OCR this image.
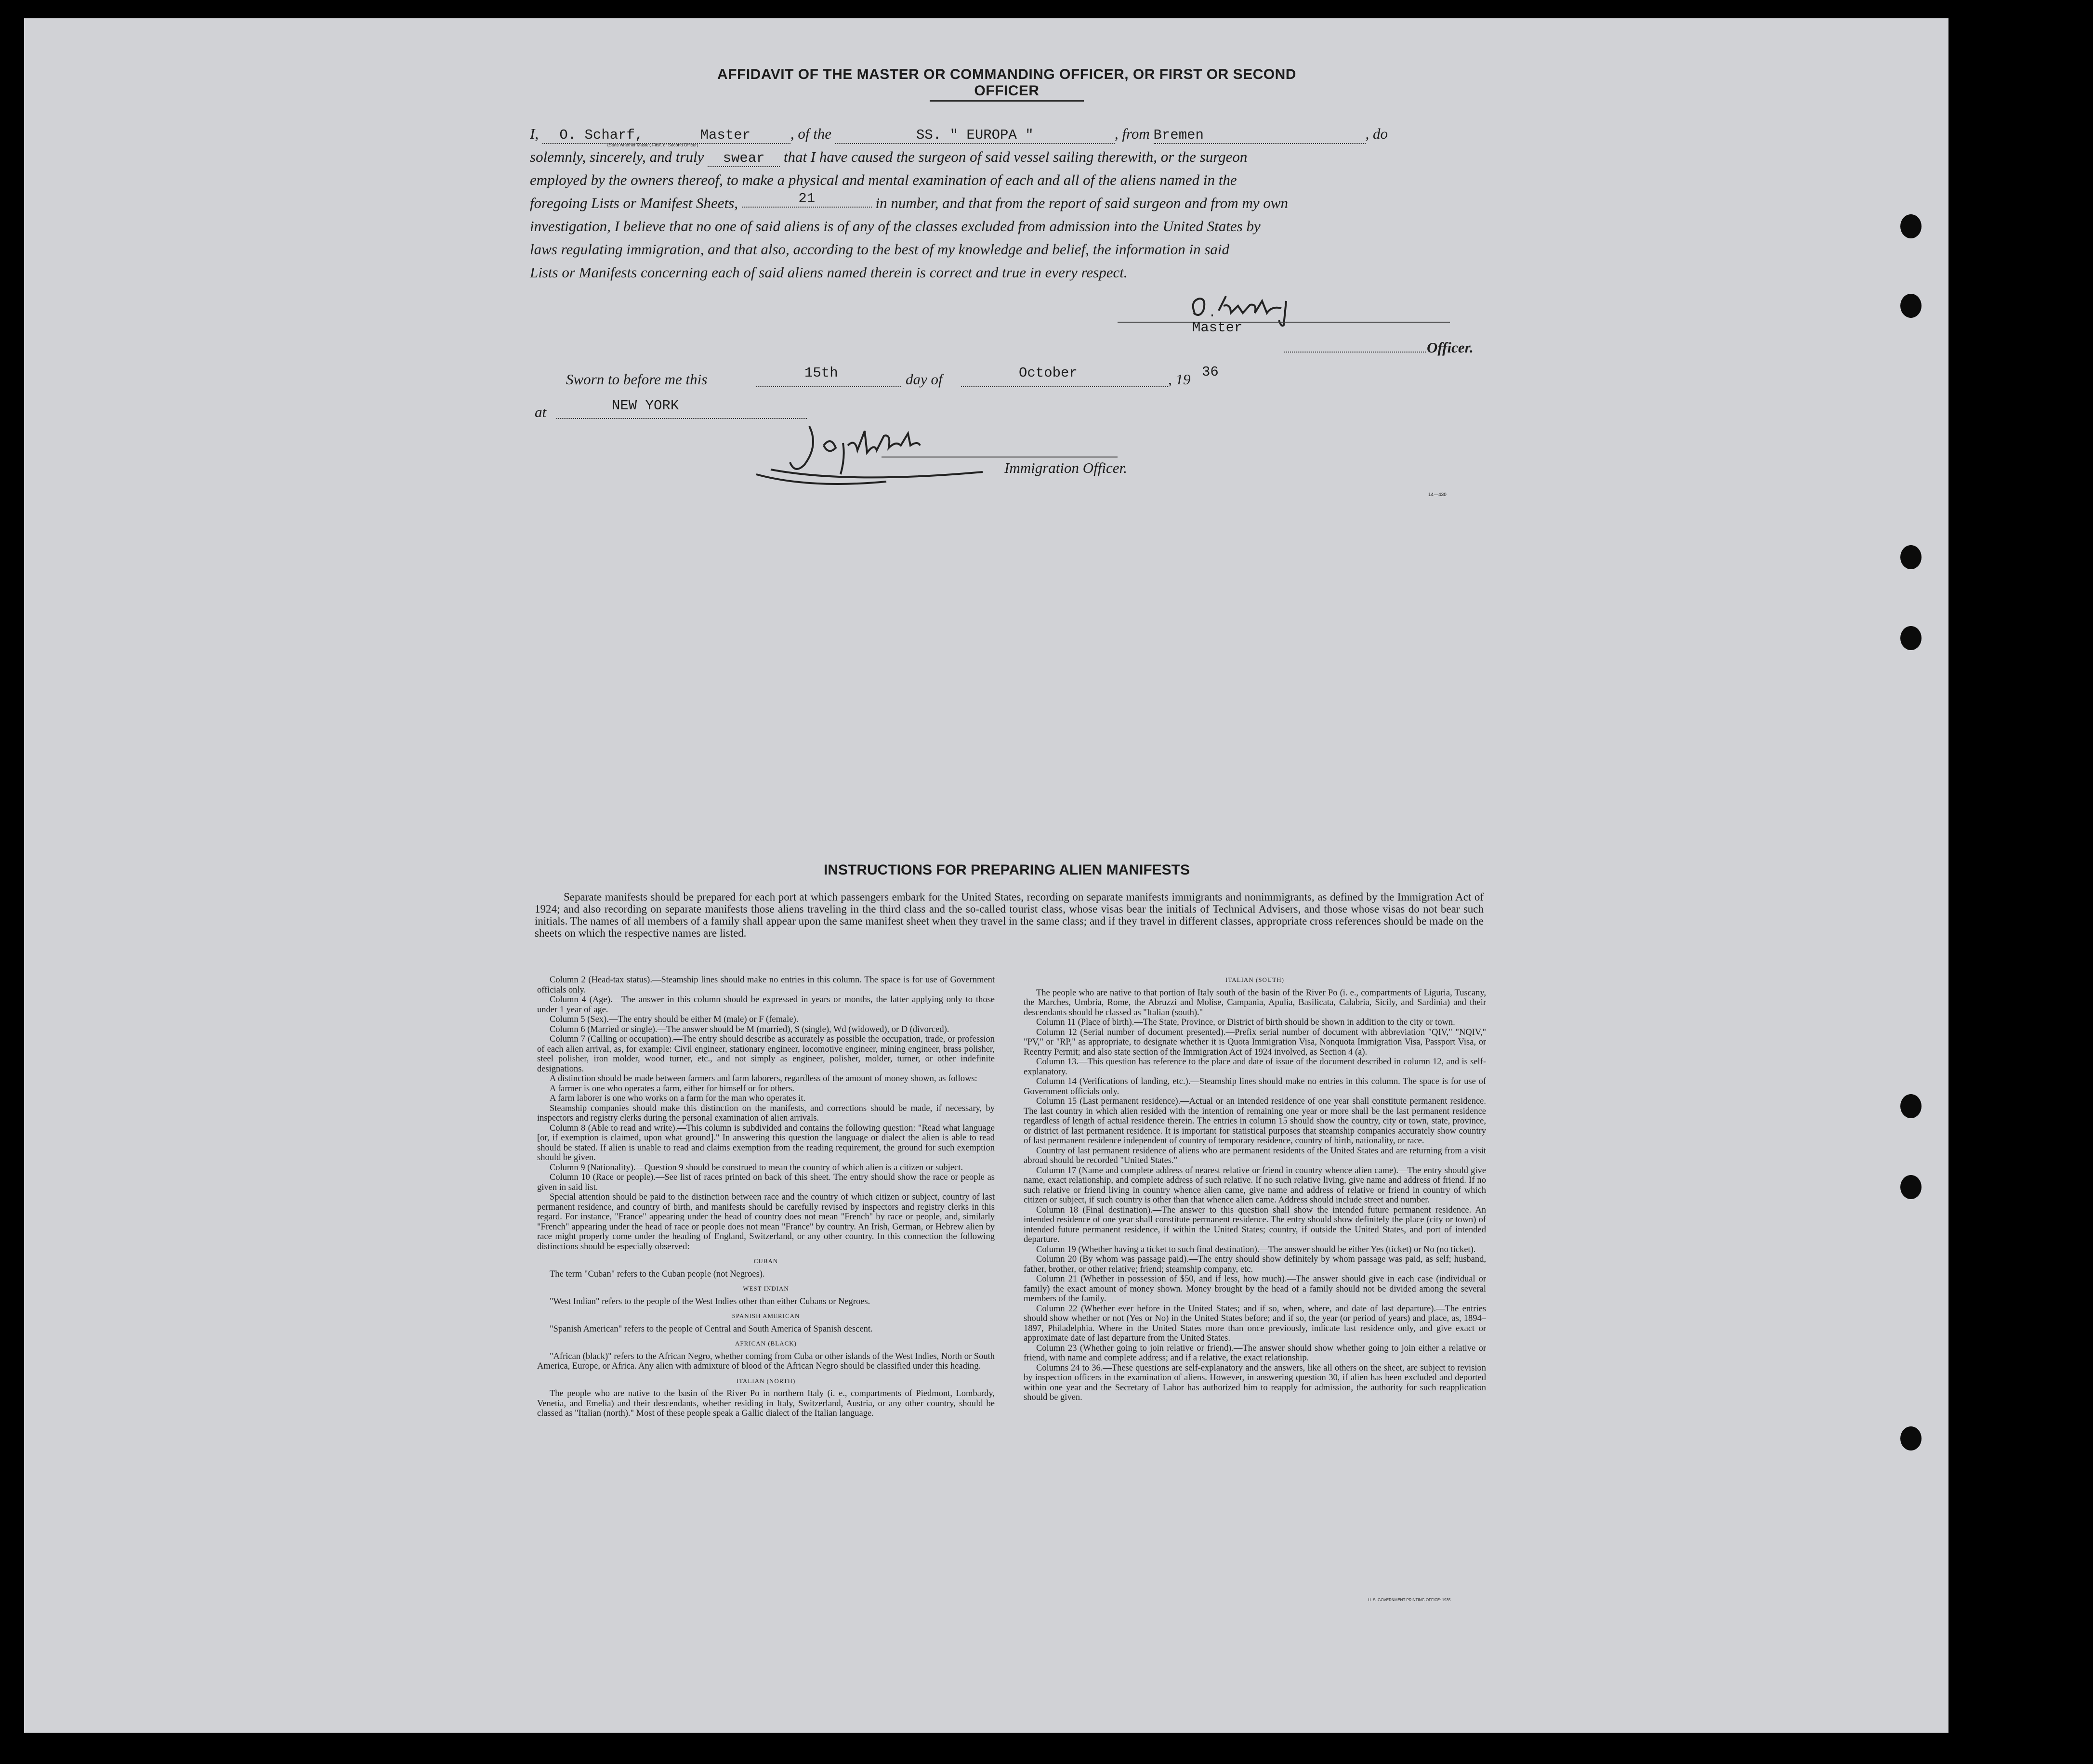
AFFIDAVIT OF THE MASTER OR COMMANDING OFFICER, OR FIRST OR SECOND OFFICER
I, O. Scharf,	Master	, of the	SS. " EUROPA "	, from Bremen	, do
(State whether Master, First, or Second Officer)
solemnly, sincerely, and truly swear that I have caused the surgeon of said vessel sailing therewith, or the surgeon
employed by the owners thereof, to make a physical and mental examination of each and all of the aliens named in the
foregoing Lists or Manifest Sheets,	21	in number, and that from the report of said surgeon and from my own
investigation, I believe that no one of said aliens is of any of the classes excluded from admission into the United States by
laws regulating immigration, and that also, according to the best of my knowledge and belief, the information in said
Lists or Manifests concerning each of said aliens named therein is correct and true in every respect.
Master
Officer.
Sworn to before me this	15th	day of	October	, 19 36
at	NEW YORK
Immigration Officer.
14—430
INSTRUCTIONS FOR PREPARING ALIEN MANIFESTS
Separate manifests should be prepared for each port at which passengers embark for the United States, recording on separate manifests immigrants and nonimmigrants, as defined by the Immigration Act of 1924; and also recording on separate manifests those aliens traveling in the third class and the so-called tourist class, whose visas bear the initials of Technical Advisers, and those whose visas do not bear such initials. The names of all members of a family shall appear upon the same manifest sheet when they travel in the same class; and if they travel in different classes, appropriate cross references should be made on the sheets on which the respective names are listed.

Column 2 (Head-tax status).—Steamship lines should make no entries in this column. The space is for use of Government officials only.

Column 4 (Age).—The answer in this column should be expressed in years or months, the latter applying only to those under 1 year of age.

Column 5 (Sex).—The entry should be either M (male) or F (female).

Column 6 (Married or single).—The answer should be M (married), S (single), Wd (widowed), or D (divorced).

Column 7 (Calling or occupation).—The entry should describe as accurately as possible the occupation, trade, or profession of each alien arrival, as, for example: Civil engineer, stationary engineer, locomotive engineer, mining engineer, brass polisher, steel polisher, iron molder, wood turner, etc., and not simply as engineer, polisher, molder, turner, or other indefinite designations.

A distinction should be made between farmers and farm laborers, regardless of the amount of money shown, as follows:

A farmer is one who operates a farm, either for himself or for others.

A farm laborer is one who works on a farm for the man who operates it.

Steamship companies should make this distinction on the manifests, and corrections should be made, if necessary, by inspectors and registry clerks during the personal examination of alien arrivals.

Column 8 (Able to read and write).—This column is subdivided and contains the following question: "Read what language [or, if exemption is claimed, upon what ground]." In answering this question the language or dialect the alien is able to read should be stated. If alien is unable to read and claims exemption from the reading requirement, the ground for such exemption should be given.

Column 9 (Nationality).—Question 9 should be construed to mean the country of which alien is a citizen or subject.

Column 10 (Race or people).—See list of races printed on back of this sheet. The entry should show the race or people as given in said list.

Special attention should be paid to the distinction between race and the country of which citizen or subject, country of last permanent residence, and country of birth, and manifests should be carefully revised by inspectors and registry clerks in this regard. For instance, "France" appearing under the head of country does not mean "French" by race or people, and, similarly "French" appearing under the head of race or people does not mean "France" by country. An Irish, German, or Hebrew alien by race might properly come under the heading of England, Switzerland, or any other country. In this connection the following distinctions should be especially observed:

CUBAN

The term "Cuban" refers to the Cuban people (not Negroes).

WEST INDIAN

"West Indian" refers to the people of the West Indies other than either Cubans or Negroes.

SPANISH AMERICAN

"Spanish American" refers to the people of Central and South America of Spanish descent.

AFRICAN (BLACK)

"African (black)" refers to the African Negro, whether coming from Cuba or other islands of the West Indies, North or South America, Europe, or Africa. Any alien with admixture of blood of the African Negro should be classified under this heading.

ITALIAN (NORTH)

The people who are native to the basin of the River Po in northern Italy (i. e., compartments of Piedmont, Lombardy, Venetia, and Emelia) and their descendants, whether residing in Italy, Switzerland, Austria, or any other country, should be classed as "Italian (north)." Most of these people speak a Gallic dialect of the Italian language.

ITALIAN (SOUTH)

The people who are native to that portion of Italy south of the basin of the River Po (i. e., compartments of Liguria, Tuscany, the Marches, Umbria, Rome, the Abruzzi and Molise, Campania, Apulia, Basilicata, Calabria, Sicily, and Sardinia) and their descendants should be classed as "Italian (south)."

Column 11 (Place of birth).—The State, Province, or District of birth should be shown in addition to the city or town.

Column 12 (Serial number of document presented).—Prefix serial number of document with abbreviation "QIV," "NQIV," "PV," or "RP," as appropriate, to designate whether it is Quota Immigration Visa, Nonquota Immigration Visa, Passport Visa, or Reentry Permit; and also state section of the Immigration Act of 1924 involved, as Section 4 (a).

Column 13.—This question has reference to the place and date of issue of the document described in column 12, and is self-explanatory.

Column 14 (Verifications of landing, etc.).—Steamship lines should make no entries in this column. The space is for use of Government officials only.

Column 15 (Last permanent residence).—Actual or an intended residence of one year shall constitute permanent residence. The last country in which alien resided with the intention of remaining one year or more shall be the last permanent residence regardless of length of actual residence therein. The entries in column 15 should show the country, city or town, state, province, or district of last permanent residence. It is important for statistical purposes that steamship companies accurately show country of last permanent residence independent of country of temporary residence, country of birth, nationality, or race.

Country of last permanent residence of aliens who are permanent residents of the United States and are returning from a visit abroad should be recorded "United States."

Column 17 (Name and complete address of nearest relative or friend in country whence alien came).—The entry should give name, exact relationship, and complete address of such relative. If no such relative living, give name and address of friend. If no such relative or friend living in country whence alien came, give name and address of relative or friend in country of which citizen or subject, if such country is other than that whence alien came. Address should include street and number.

Column 18 (Final destination).—The answer to this question shall show the intended future permanent residence. An intended residence of one year shall constitute permanent residence. The entry should show definitely the place (city or town) of intended future permanent residence, if within the United States; country, if outside the United States, and port of intended departure.

Column 19 (Whether having a ticket to such final destination).—The answer should be either Yes (ticket) or No (no ticket).

Column 20 (By whom was passage paid).—The entry should show definitely by whom passage was paid, as self; husband, father, brother, or other relative; friend; steamship company, etc.

Column 21 (Whether in possession of $50, and if less, how much).—The answer should give in each case (individual or family) the exact amount of money shown. Money brought by the head of a family should not be divided among the several members of the family.

Column 22 (Whether ever before in the United States; and if so, when, where, and date of last departure).—The entries should show whether or not (Yes or No) in the United States before; and if so, the year (or period of years) and place, as, 1894–1897, Philadelphia. Where in the United States more than once previously, indicate last residence only, and give exact or approximate date of last departure from the United States.

Column 23 (Whether going to join relative or friend).—The answer should show whether going to join either a relative or friend, with name and complete address; and if a relative, the exact relationship.

Columns 24 to 36.—These questions are self-explanatory and the answers, like all others on the sheet, are subject to revision by inspection officers in the examination of aliens. However, in answering question 30, if alien has been excluded and deported within one year and the Secretary of Labor has authorized him to reapply for admission, the authority for such reapplication should be given.

U. S. GOVERNMENT PRINTING OFFICE: 1935
